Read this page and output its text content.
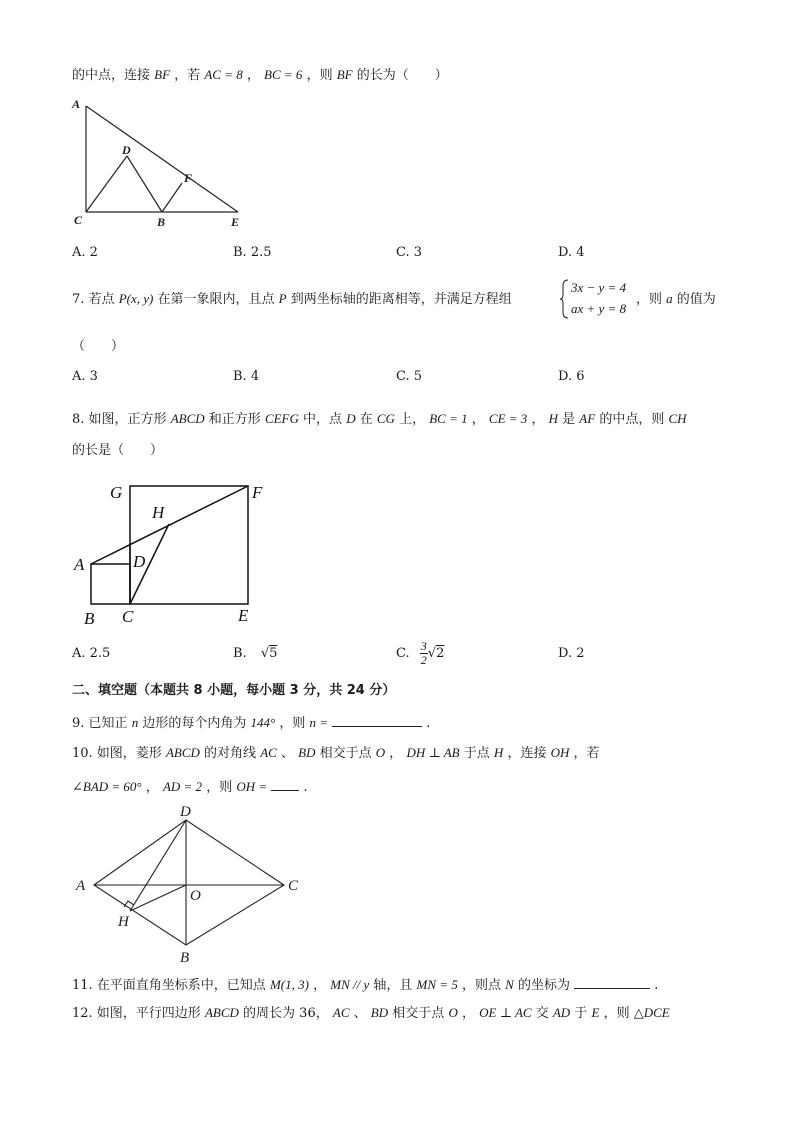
的中点，连接 BF ，若 AC = 8 ， BC = 6 ，则 BF 的长为（　　）
A
D
F
C	B	E
A. 2	B. 2.5	C. 3	D. 4
7. 若点 P(x, y) 在第一象限内，且点 P 到两坐标轴的距离相等，并满足方程组
3x − y = 4
ax + y = 8
，则 a 的值为
（　　）
A. 3	B. 4	C. 5	D. 6
8. 如图，正方形 ABCD 和正方形 CEFG 中，点 D 在 CG 上， BC = 1 ， CE = 3 ， H 是 AF 的中点，则 CH
的长是（　　）
G	F
H
A	D
B C	E
A. 2.5	B. √5	C. $\frac{3}{2} √2$	D. 2
二、填空题（本题共 8 小题，每小题 3 分，共 24 分）
9. 已知正 n 边形的每个内角为 144° ，则 n =	.
10. 如图，菱形 ABCD 的对角线 AC 、 BD 相交于点 O ， DH ⊥ AB 于点 H ，连接 OH ，若
∠BAD = 60° ， AD = 2 ，则 OH =	.
D
A
O
C
H
B
11. 在平面直角坐标系中，已知点 M(1, 3) ， MN // y 轴，且 MN = 5 ，则点 N 的坐标为	.
12. 如图，平行四边形 ABCD 的周长为 36， AC 、 BD 相交于点 O ， OE ⊥ AC 交 AD 于 E ，则 △DCE
